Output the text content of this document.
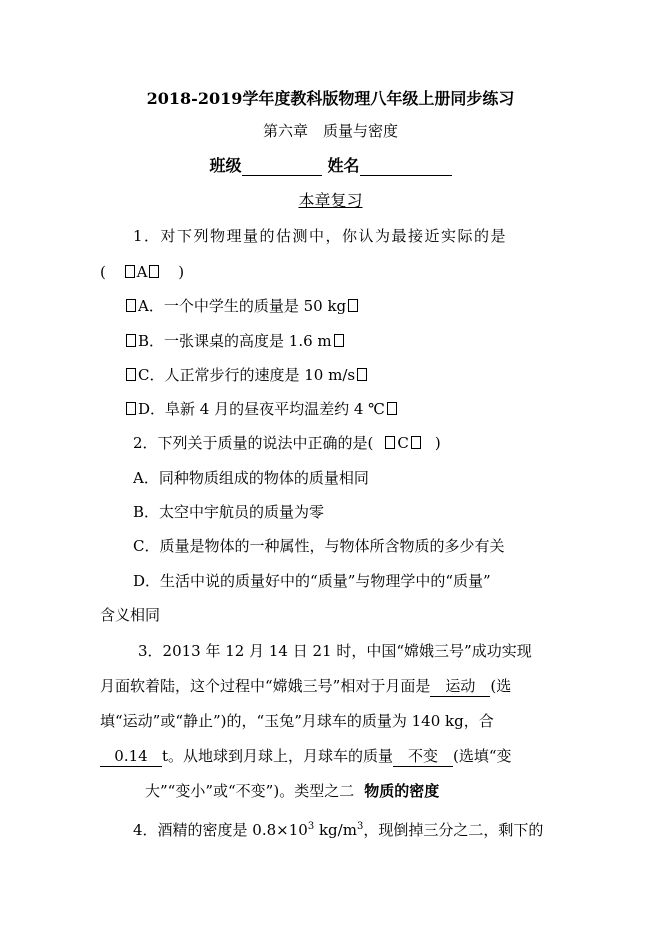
2018-2019学年度教科版物理八年级上册同步练习
第六章　质量与密度
班级	姓名
本章复习
1．对下列物理量的估测中，你认为最接近实际的是
( A )
A．一个中学生的质量是 50 kg
B．一张课桌的高度是 1.6 m
C．人正常步行的速度是 10 m/s
D．阜新 4 月的昼夜平均温差约 4 ℃
2．下列关于质量的说法中正确的是( C )
A．同种物质组成的物体的质量相同
B．太空中宇航员的质量为零
C．质量是物体的一种属性，与物体所含物质的多少有关
D．生活中说的质量好中的“质量”与物理学中的“质量”
含义相同
3．2013 年 12 月 14 日 21 时，中国“嫦娥三号”成功实现
月面软着陆，这个过程中“嫦娥三号”相对于月面是 运动 (选
填“运动”或“静止”)的，“玉兔”月球车的质量为 140 kg，合
0.14 t。从地球到月球上，月球车的质量 不变 (选填“变
大”“变小”或“不变”)。类型之二 物质的密度
4．酒精的密度是 $0.8\times 10^3$ $kg/m^3$，现倒掉三分之二，剩下的
